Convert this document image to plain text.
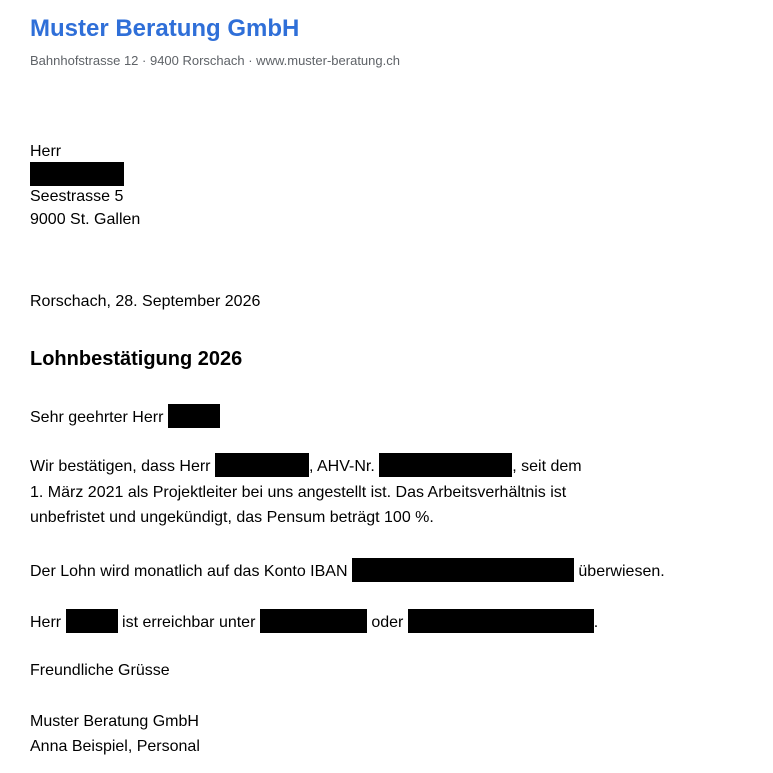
Muster Beratung GmbH
Bahnhofstrasse 12 · 9400 Rorschach · www.muster-beratung.ch
Herr
Seestrasse 5
9000 St. Gallen
Rorschach, 28. September 2026
Lohnbestätigung 2026
Sehr geehrter Herr
Wir bestätigen, dass Herr	, AHV-Nr.	, seit dem
1. März 2021 als Projektleiter bei uns angestellt ist. Das Arbeitsverhältnis ist
unbefristet und ungekündigt, das Pensum beträgt 100 %.
Der Lohn wird monatlich auf das Konto IBAN	überwiesen.
Herr	ist erreichbar unter	oder	.
Freundliche Grüsse
Muster Beratung GmbH
Anna Beispiel, Personal
